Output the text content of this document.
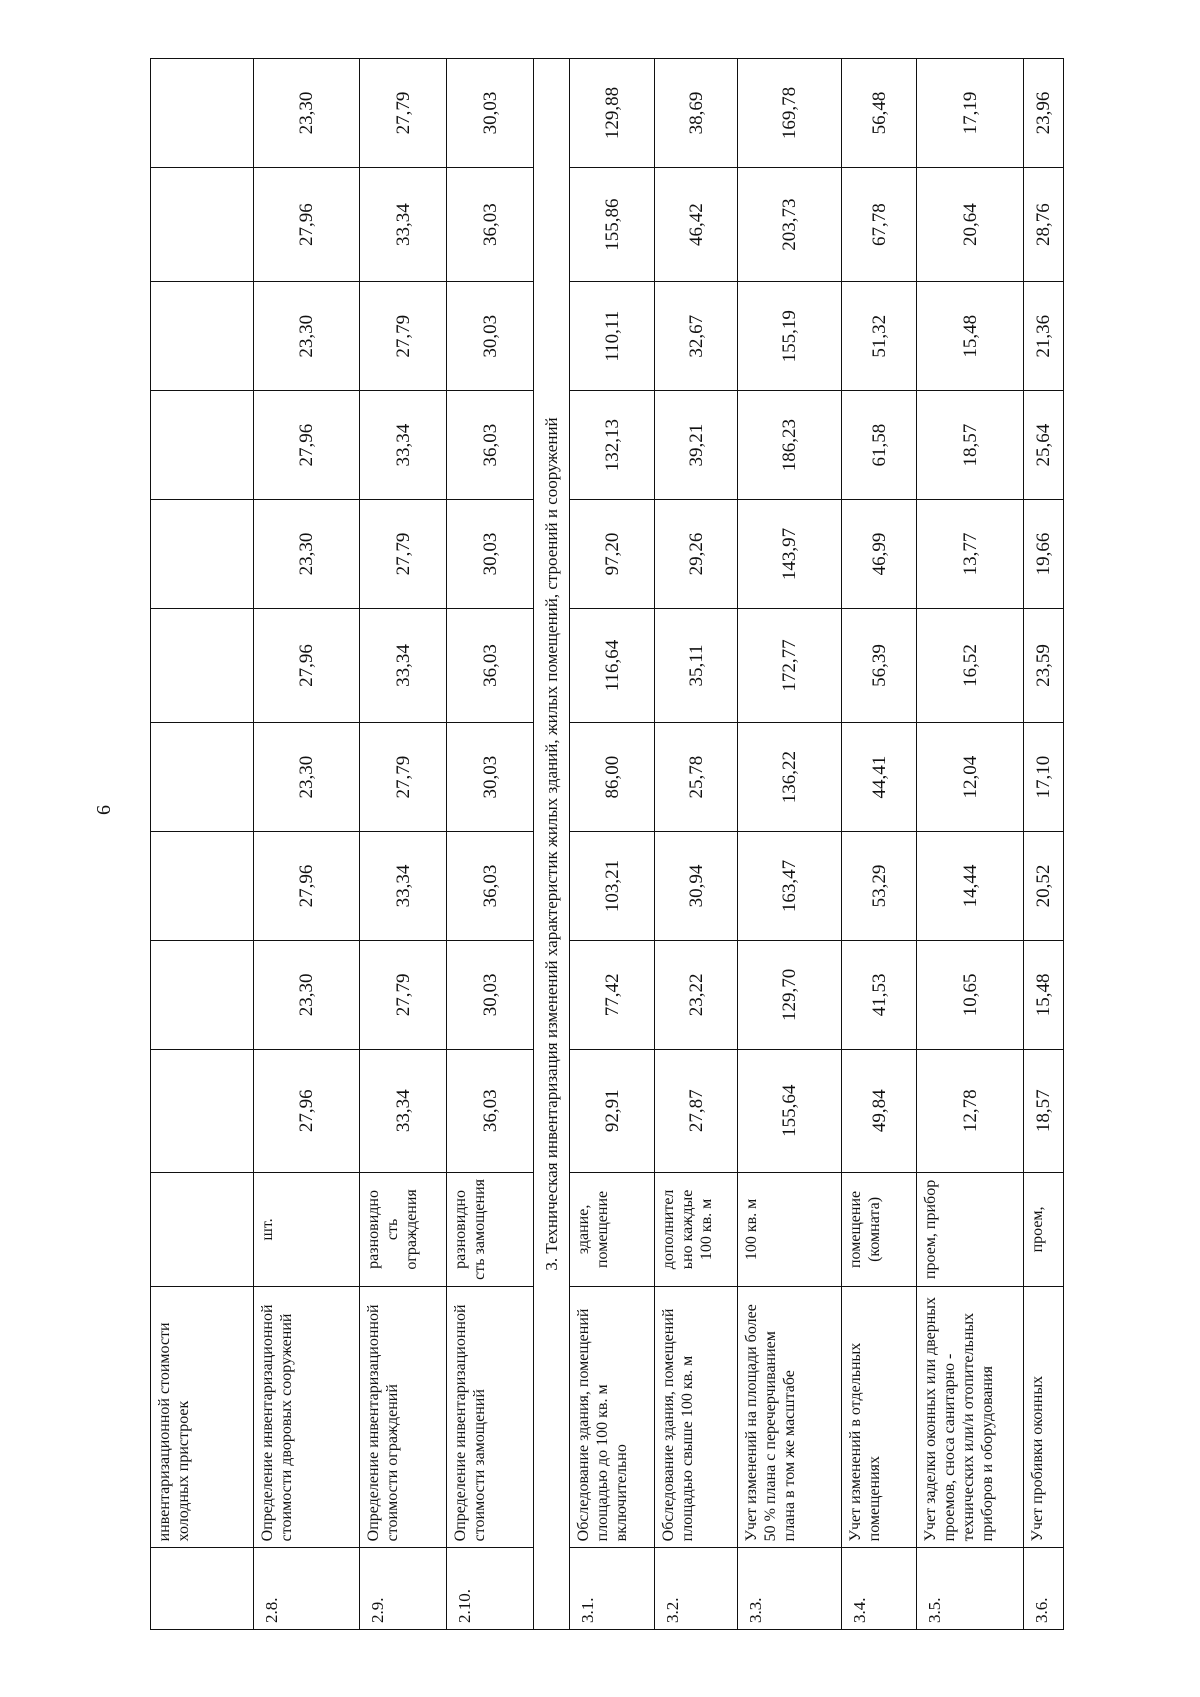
6
	инвентаризационной стоимости холодных пристроек											
2.8.	Определение инвентаризационной стоимости дворовых сооружений	шт.	27,96	23,30	27,96	23,30	27,96	23,30	27,96	23,30	27,96	23,30
2.9.	Определение инвентаризационной стоимости ограждений	разновидно сть ограждения	33,34	27,79	33,34	27,79	33,34	27,79	33,34	27,79	33,34	27,79
2.10.	Определение инвентаризационной стоимости замощений	разновидно сть замощения	36,03	30,03	36,03	30,03	36,03	30,03	36,03	30,03	36,03	30,03
3. Техническая инвентаризация изменений характеристик жилых зданий, жилых помещений, строений и сооружений												
3.1.	Обследование здания, помещений площадью до 100 кв. м включительно	здание, помещение	92,91	77,42	103,21	86,00	116,64	97,20	132,13	110,11	155,86	129,88
3.2.	Обследование здания, помещений площадью свыше 100 кв. м	дополнител ьно каждые 100 кв. м	27,87	23,22	30,94	25,78	35,11	29,26	39,21	32,67	46,42	38,69
3.3.	Учет изменений на площади более 50 % плана с перечерчиванием плана в том же масштабе	100 кв. м	155,64	129,70	163,47	136,22	172,77	143,97	186,23	155,19	203,73	169,78
3.4.	Учет изменений в отдельных помещениях	помещение (комната)	49,84	41,53	53,29	44,41	56,39	46,99	61,58	51,32	67,78	56,48
3.5.	Учет заделки оконных или дверных проемов, сноса санитарно - технических или/и отопительных приборов и оборудования	проем, прибор	12,78	10,65	14,44	12,04	16,52	13,77	18,57	15,48	20,64	17,19
3.6.	Учет пробивки оконных	проем,	18,57	15,48	20,52	17,10	23,59	19,66	25,64	21,36	28,76	23,96
